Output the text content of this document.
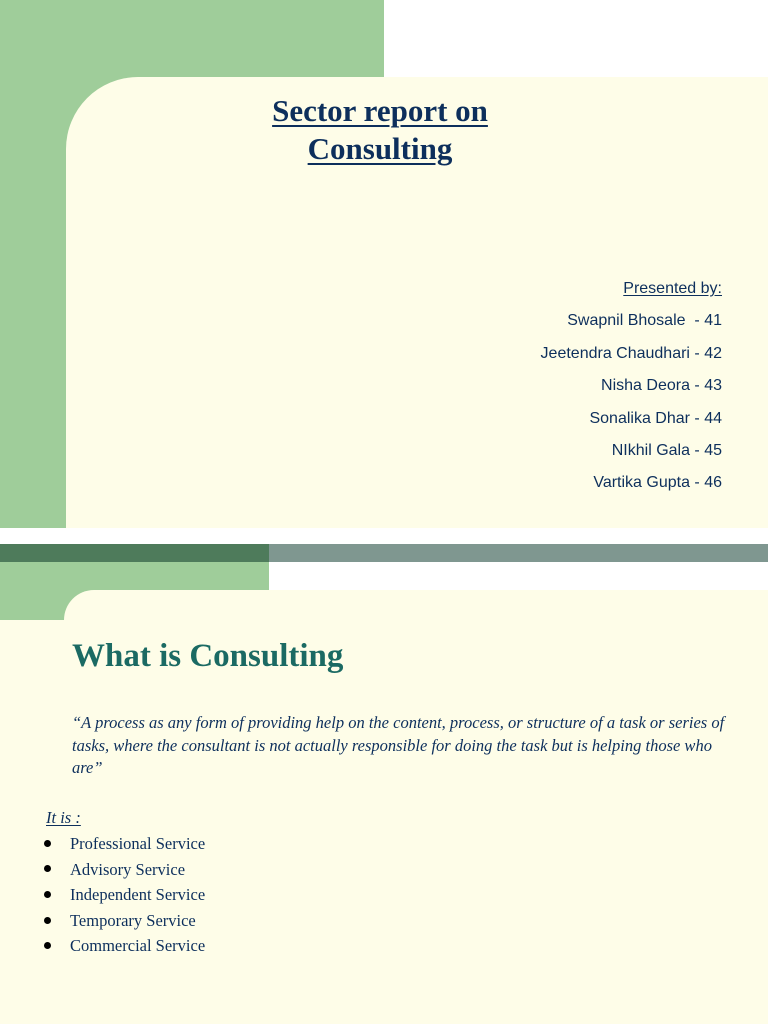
Sector report on
Consulting
Presented by:
Swapnil Bhosale  - 41
Jeetendra Chaudhari - 42
Nisha Deora - 43
Sonalika Dhar - 44
NIkhil Gala - 45
Vartika Gupta - 46
What is Consulting
“A process as any form of providing help on the content, process, or structure of a task or series of tasks, where the consultant is not actually responsible for doing the task but is helping those who are”
It is :
Professional Service
Advisory Service
Independent Service
Temporary Service
Commercial Service
